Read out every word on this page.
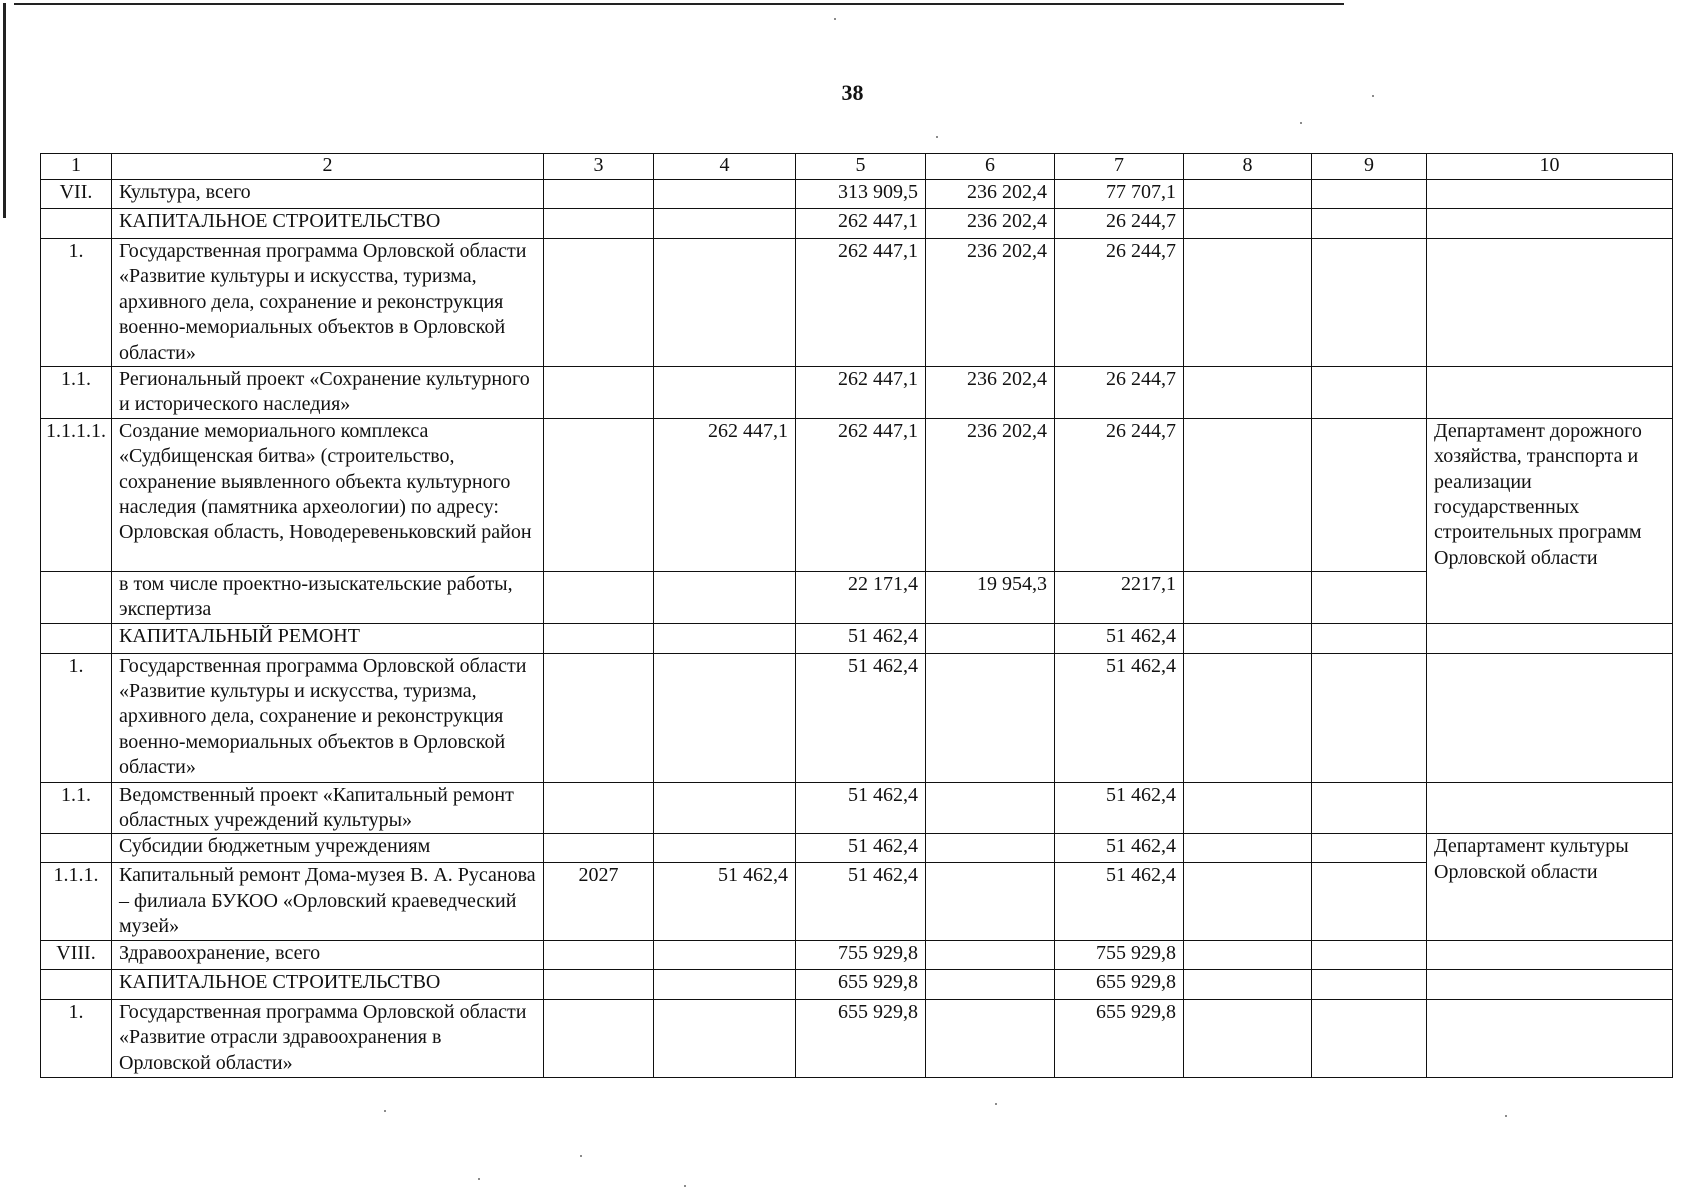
38
1	2	3	4	5	6	7	8	9	10
VII.	Культура, всего			313 909,5	236 202,4	77 707,1			
	КАПИТАЛЬНОЕ СТРОИТЕЛЬСТВО			262 447,1	236 202,4	26 244,7			
1.	Государственная программа Орловской области «Развитие культуры и искусства, туризма, архивного дела, сохранение и реконструкция военно-мемориальных объектов в Орловской области»			262 447,1	236 202,4	26 244,7			
1.1.	Региональный проект «Сохранение культурного и исторического наследия»			262 447,1	236 202,4	26 244,7			
1.1.1.1.	Создание мемориального комплекса «Судбищенская битва» (строительство, сохранение выявленного объекта культурного наследия (памятника археологии) по адресу: Орловская область, Новодеревеньковский район		262 447,1	262 447,1	236 202,4	26 244,7			Департамент дорожного хозяйства, транспорта и реализации государственных строительных программ Орловской области
	в том числе проектно-изыскательские работы, экспертиза			22 171,4	19 954,3	2217,1			
	КАПИТАЛЬНЫЙ РЕМОНТ			51 462,4		51 462,4			
1.	Государственная программа Орловской области «Развитие культуры и искусства, туризма, архивного дела, сохранение и реконструкция военно-мемориальных объектов в Орловской области»			51 462,4		51 462,4			
1.1.	Ведомственный проект «Капитальный ремонт областных учреждений культуры»			51 462,4		51 462,4			
	Субсидии бюджетным учреждениям			51 462,4		51 462,4			Департамент культуры Орловской области
1.1.1.	Капитальный ремонт Дома-музея В. А. Русанова – филиала БУКОО «Орловский краеведческий музей»	2027	51 462,4	51 462,4		51 462,4			
VIII.	Здравоохранение, всего			755 929,8		755 929,8			
	КАПИТАЛЬНОЕ СТРОИТЕЛЬСТВО			655 929,8		655 929,8			
1.	Государственная программа Орловской области «Развитие отрасли здравоохранения в Орловской области»			655 929,8		655 929,8			
